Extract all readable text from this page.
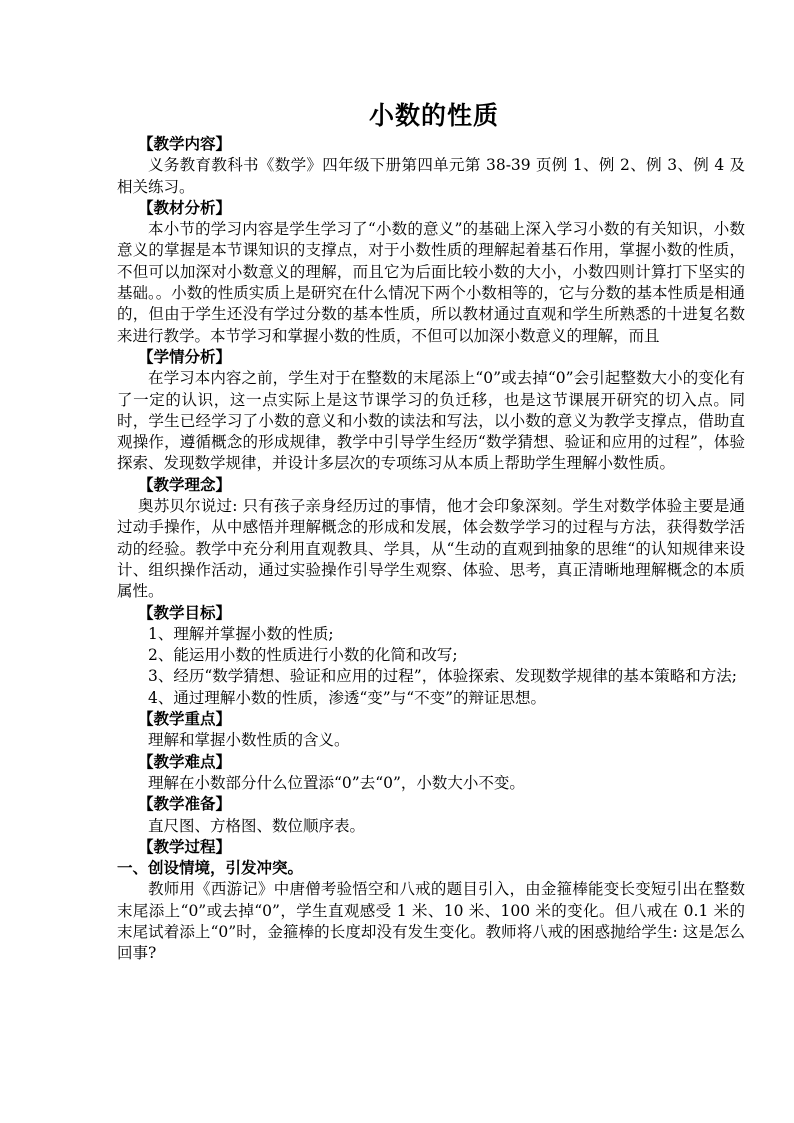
小数的性质
【教学内容】
义务教育教科书《数学》四年级下册第四单元第 38-39 页例 1、例 2、例 3、例 4 及相关练习。
【教材分析】
本小节的学习内容是学生学习了“小数的意义”的基础上深入学习小数的有关知识，小数意义的掌握是本节课知识的支撑点，对于小数性质的理解起着基石作用，掌握小数的性质，不但可以加深对小数意义的理解，而且它为后面比较小数的大小，小数四则计算打下坚实的基础。。小数的性质实质上是研究在什么情况下两个小数相等的，它与分数的基本性质是相通的，但由于学生还没有学过分数的基本性质，所以教材通过直观和学生所熟悉的十进复名数来进行教学。本节学习和掌握小数的性质，不但可以加深小数意义的理解，而且
【学情分析】
在学习本内容之前，学生对于在整数的末尾添上“0”或去掉“0”会引起整数大小的变化有了一定的认识，这一点实际上是这节课学习的负迁移，也是这节课展开研究的切入点。同时，学生已经学习了小数的意义和小数的读法和写法，以小数的意义为教学支撑点，借助直观操作，遵循概念的形成规律，教学中引导学生经历“数学猜想、验证和应用的过程”，体验探索、发现数学规律，并设计多层次的专项练习从本质上帮助学生理解小数性质。
【教学理念】
奥苏贝尔说过: 只有孩子亲身经历过的事情，他才会印象深刻。学生对数学体验主要是通过动手操作，从中感悟并理解概念的形成和发展，体会数学学习的过程与方法，获得数学活动的经验。教学中充分利用直观教具、学具，从“生动的直观到抽象的思维“的认知规律来设计、组织操作活动，通过实验操作引导学生观察、体验、思考，真正清晰地理解概念的本质属性。
【教学目标】
1、理解并掌握小数的性质;
2、能运用小数的性质进行小数的化简和改写;
3、经历“数学猜想、验证和应用的过程”，体验探索、发现数学规律的基本策略和方法;
4、通过理解小数的性质，渗透“变”与“不变”的辩证思想。
【教学重点】
理解和掌握小数性质的含义。
【教学难点】
理解在小数部分什么位置添“0”去“0”，小数大小不变。
【教学准备】
直尺图、方格图、数位顺序表。
【教学过程】
一、创设情境，引发冲突。
教师用《西游记》中唐僧考验悟空和八戒的题目引入，由金箍棒能变长变短引出在整数末尾添上“0”或去掉“0”，学生直观感受 1 米、10 米、100 米的变化。但八戒在 0.1 米的末尾试着添上“0”时，金箍棒的长度却没有发生变化。教师将八戒的困惑抛给学生: 这是怎么回事?
